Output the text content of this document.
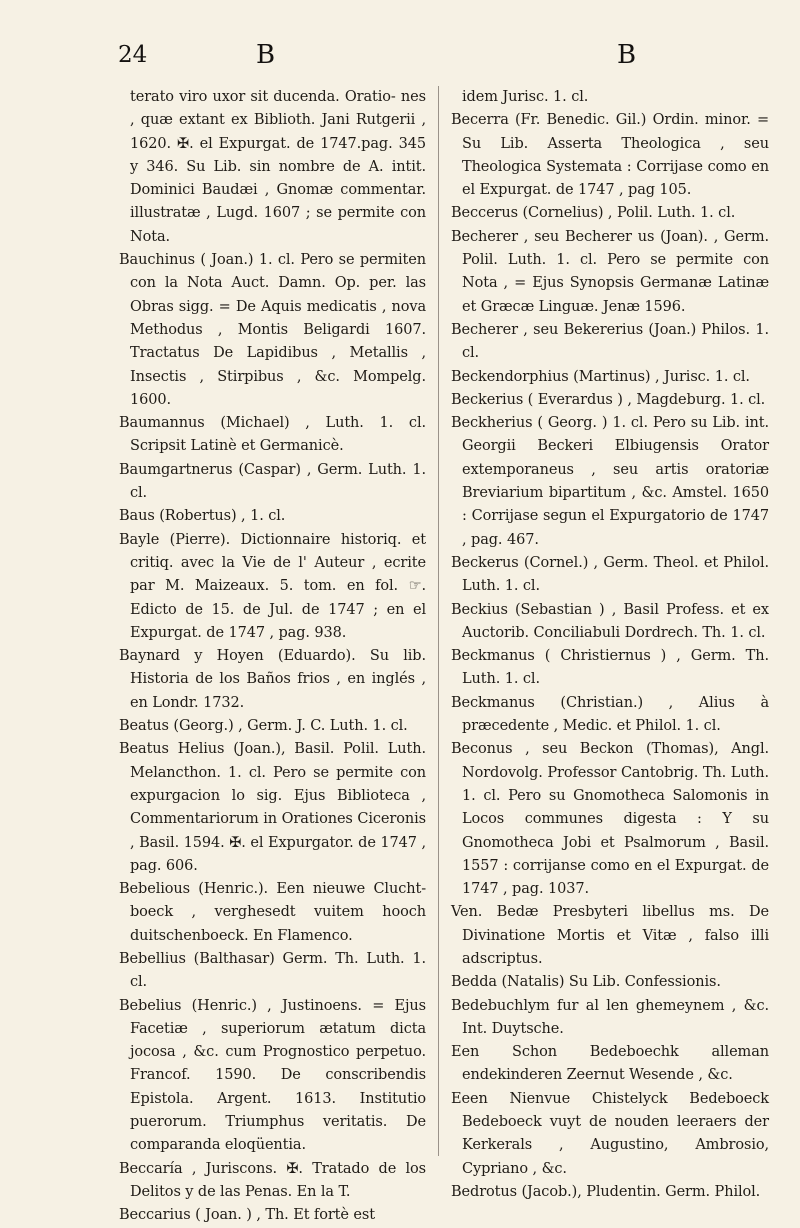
24	B	B

terato viro uxor sit ducenda. Oratio- nes , quæ extant ex Biblioth. Jani Rutgerii , 1620. ✠. el Expurgat. de 1747.pag. 345 y 346. Su Lib. sin nombre de A. intit. Dominici Baudæi , Gnomæ commentar. illustratæ , Lugd. 1607 ; se permite con Nota.

Bauchinus ( Joan.) 1. cl. Pero se permiten con la Nota Auct. Damn. Op. per. las Obras sigg. = De Aquis medicatis , nova Methodus , Montis Beligardi 1607. Tractatus De Lapidibus , Metallis , Insectis , Stirpibus , &c. Mompelg. 1600.

Baumannus (Michael) , Luth. 1. cl. Scripsit Latinè et Germanicè.

Baumgartnerus (Caspar) , Germ. Luth. 1. cl.

Baus (Robertus) , 1. cl.

Bayle (Pierre). Dictionnaire historiq. et critiq. avec la Vie de l' Auteur , ecrite par M. Maizeaux. 5. tom. en fol. ☞. Edicto de 15. de Jul. de 1747 ; en el Expurgat. de 1747 , pag. 938.

Baynard y Hoyen (Eduardo). Su lib. Historia de los Baños frios , en inglés , en Londr. 1732.

Beatus (Georg.) , Germ. J. C. Luth. 1. cl.

Beatus Helius (Joan.), Basil. Polil. Luth. Melancthon. 1. cl. Pero se permite con expurgacion lo sig. Ejus Biblioteca , Commentariorum in Orationes Ciceronis , Basil. 1594. ✠. el Expurgator. de 1747 , pag. 606.

Bebelious (Henric.). Een nieuwe Clucht-boeck , verghesedt vuitem hooch duitschenboeck. En Flamenco.

Bebellius (Balthasar) Germ. Th. Luth. 1. cl.

Bebelius (Henric.) , Justinoens. = Ejus Facetiæ , superiorum ætatum dicta jocosa , &c. cum Prognostico perpetuo. Francof. 1590. De conscribendis Epistola. Argent. 1613. Institutio puerorum. Triumphus veritatis. De comparanda eloqüentia.

Beccaría , Juriscons. ✠. Tratado de los Delitos y de las Penas. En la T.

Beccarius ( Joan. ) , Th. Et fortè est

idem Jurisc. 1. cl.

Becerra (Fr. Benedic. Gil.) Ordin. minor. = Su Lib. Asserta Theologica , seu Theologica Systemata : Corrijase como en el Expurgat. de 1747 , pag 105.

Beccerus (Cornelius) , Polil. Luth. 1. cl.

Becherer , seu Becherer us (Joan). , Germ. Polil. Luth. 1. cl. Pero se permite con Nota , = Ejus Synopsis Germanæ Latinæ et Græcæ Linguæ. Jenæ 1596.

Becherer , seu Bekererius (Joan.) Philos. 1. cl.

Beckendorphius (Martinus) , Jurisc. 1. cl.

Beckerius ( Everardus ) , Magdeburg. 1. cl.

Beckherius ( Georg. ) 1. cl. Pero su Lib. int. Georgii Beckeri Elbiugensis Orator extemporaneus , seu artis oratoriæ Breviarium bipartitum , &c. Amstel. 1650 : Corrijase segun el Expurgatorio de 1747 , pag. 467.

Beckerus (Cornel.) , Germ. Theol. et Philol. Luth. 1. cl.

Beckius (Sebastian ) , Basil Profess. et ex Auctorib. Conciliabuli Dordrech. Th. 1. cl.

Beckmanus ( Christiernus ) , Germ. Th. Luth. 1. cl.

Beckmanus (Christian.) , Alius à præcedente , Medic. et Philol. 1. cl.

Beconus , seu Beckon (Thomas), Angl. Nordovolg. Professor Cantobrig. Th. Luth. 1. cl. Pero su Gnomotheca Salomonis in Locos communes digesta : Y su Gnomotheca Jobi et Psalmorum , Basil. 1557 : corrijanse como en el Expurgat. de 1747 , pag. 1037.

Ven. Bedæ Presbyteri libellus ms. De Divinatione Mortis et Vitæ , falso illi adscriptus.

Bedda (Natalis) Su Lib. Confessionis.

Bedebuchlym fur al len ghemeynem , &c. Int. Duytsche.

Een Schon Bedeboechk alleman endekinderen Zeernut Wesende , &c.

Eeen Nienvue Chistelyck Bedeboeck Bedeboeck vuyt de nouden leeraers der Kerkerals , Augustino, Ambrosio, Cypriano , &c.

Bedrotus (Jacob.), Pludentin. Germ. Philol.
